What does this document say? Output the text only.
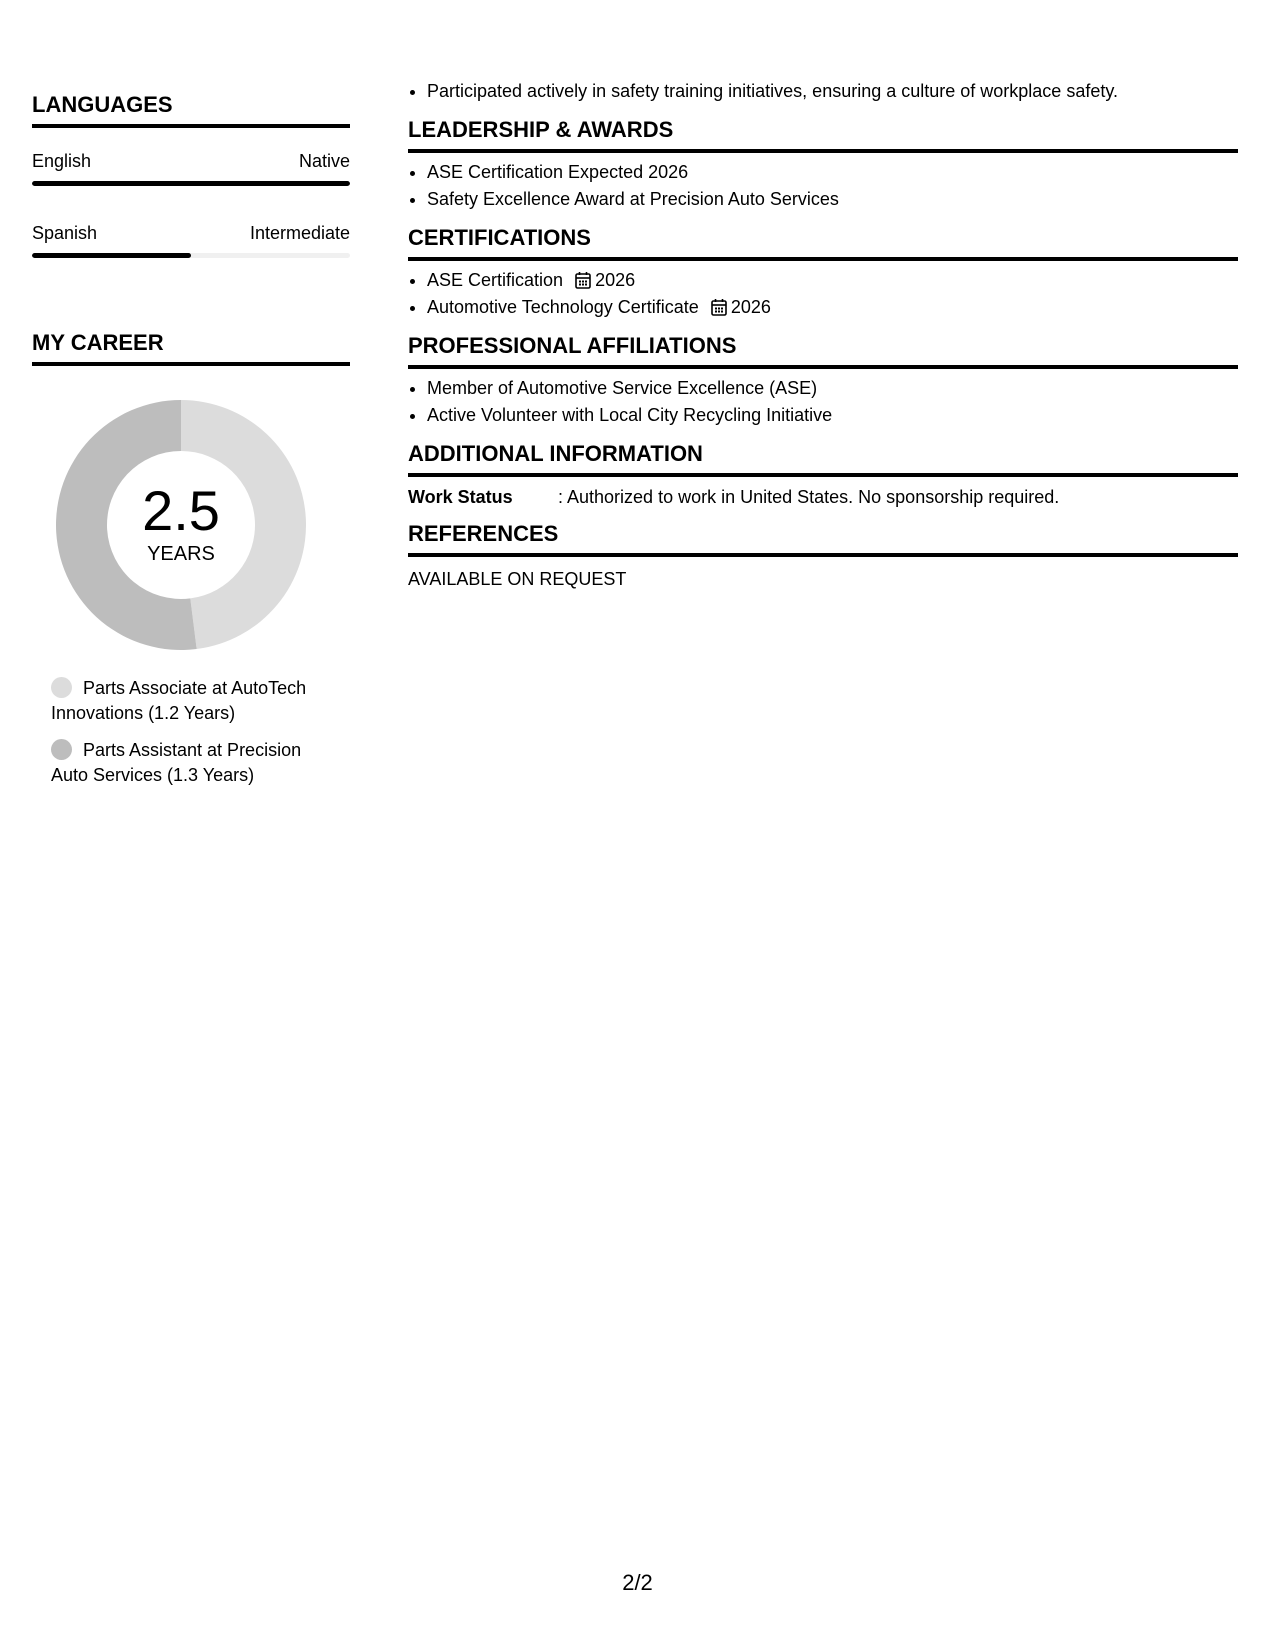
LANGUAGES
English	Native
Spanish	Intermediate
MY CAREER
2.5
YEARS
Parts Associate at AutoTech Innovations (1.2 Years)
Parts Assistant at Precision Auto Services (1.3 Years)
• Participated actively in safety training initiatives, ensuring a culture of workplace safety.
LEADERSHIP & AWARDS
• ASE Certification Expected 2026
• Safety Excellence Award at Precision Auto Services
CERTIFICATIONS
• ASE Certification 2026
• Automotive Technology Certificate 2026
PROFESSIONAL AFFILIATIONS
• Member of Automotive Service Excellence (ASE)
• Active Volunteer with Local City Recycling Initiative
ADDITIONAL INFORMATION
Work Status	: Authorized to work in United States. No sponsorship required.
REFERENCES
AVAILABLE ON REQUEST
2/2
